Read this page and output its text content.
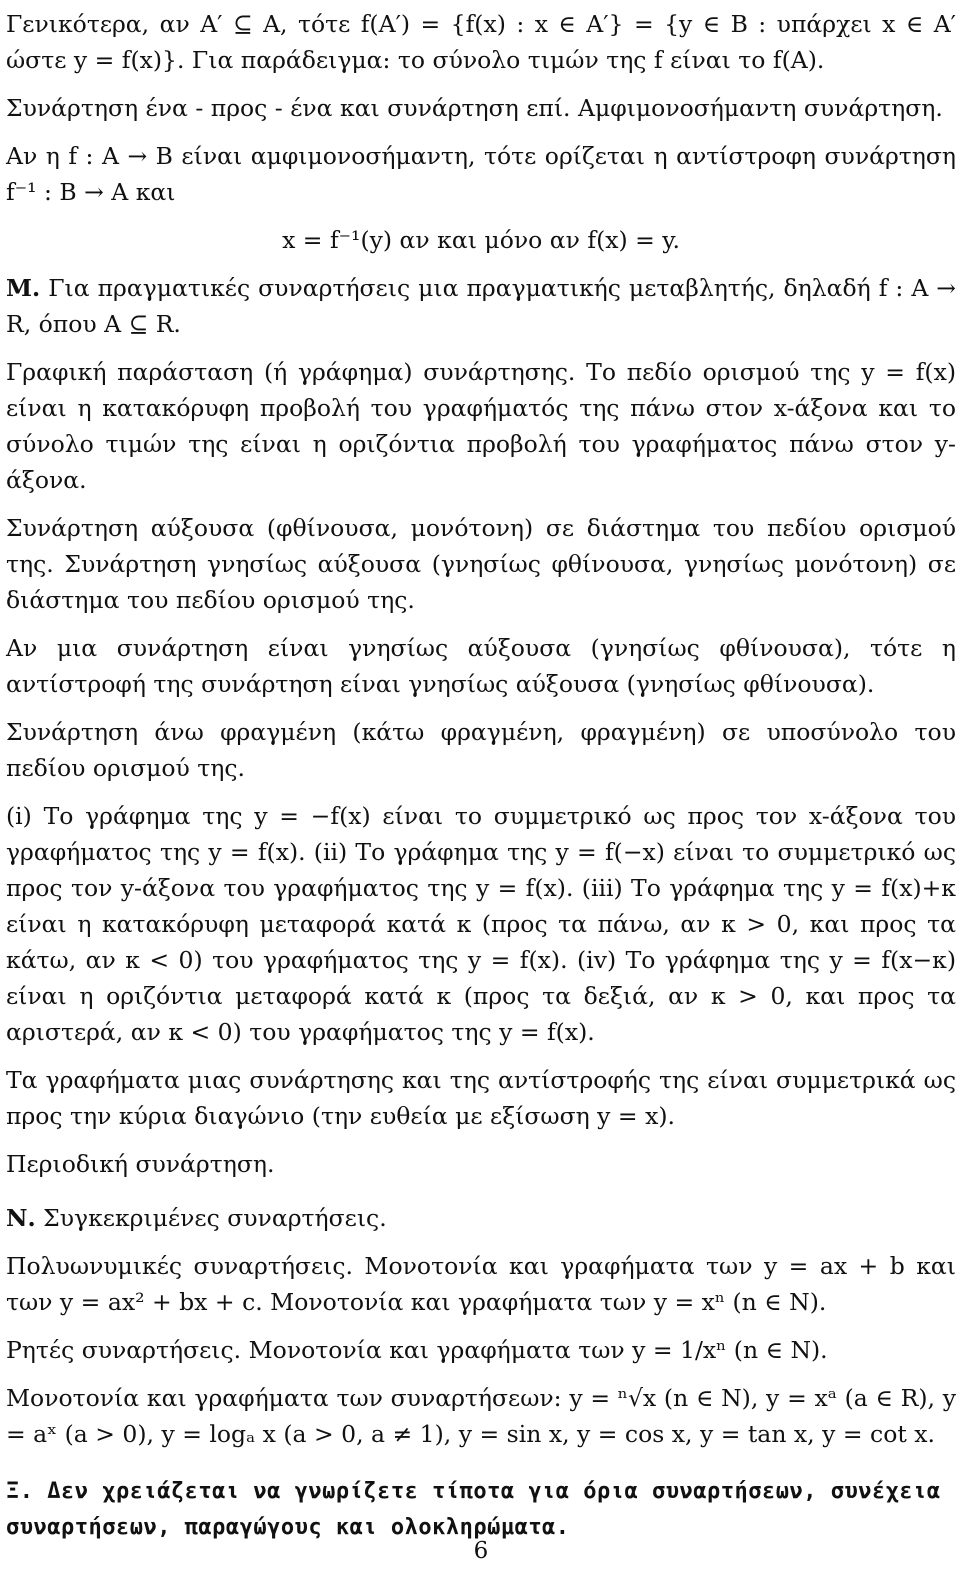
Γενικότερα, αν A′ ⊆ A, τότε f(A′) = {f(x) : x ∈ A′} = {y ∈ B : υπάρχει x ∈ A′ ώστε y = f(x)}. Για παράδειγμα: το σύνολο τιμών της f είναι το f(A).

Συνάρτηση ένα - προς - ένα και συνάρτηση επί. Αμφιμονοσήμαντη συνάρτηση.

Αν η f : A → B είναι αμφιμονοσήμαντη, τότε ορίζεται η αντίστροφη συνάρτηση f⁻¹ : B → A και

x = f⁻¹(y) αν και μόνο αν f(x) = y.

Μ. Για πραγματικές συναρτήσεις μια πραγματικής μεταβλητής, δηλαδή f : A → R, όπου A ⊆ R.

Γραφική παράσταση (ή γράφημα) συνάρτησης. Το πεδίο ορισμού της y = f(x) είναι η κατακόρυφη προβολή του γραφήματός της πάνω στον x-άξονα και το σύνολο τιμών της είναι η οριζόντια προβολή του γραφήματος πάνω στον y-άξονα.

Συνάρτηση αύξουσα (φθίνουσα, μονότονη) σε διάστημα του πεδίου ορισμού της. Συνάρτηση γνησίως αύξουσα (γνησίως φθίνουσα, γνησίως μονότονη) σε διάστημα του πεδίου ορισμού της.

Αν μια συνάρτηση είναι γνησίως αύξουσα (γνησίως φθίνουσα), τότε η αντίστροφή της συνάρτηση είναι γνησίως αύξουσα (γνησίως φθίνουσα).

Συνάρτηση άνω φραγμένη (κάτω φραγμένη, φραγμένη) σε υποσύνολο του πεδίου ορισμού της.

(i) Το γράφημα της y = −f(x) είναι το συμμετρικό ως προς τον x-άξονα του γραφήματος της y = f(x). (ii) Το γράφημα της y = f(−x) είναι το συμμετρικό ως προς τον y-άξονα του γραφήματος της y = f(x). (iii) Το γράφημα της y = f(x)+κ είναι η κατακόρυφη μεταφορά κατά κ (προς τα πάνω, αν κ > 0, και προς τα κάτω, αν κ < 0) του γραφήματος της y = f(x). (iv) Το γράφημα της y = f(x−κ) είναι η οριζόντια μεταφορά κατά κ (προς τα δεξιά, αν κ > 0, και προς τα αριστερά, αν κ < 0) του γραφήματος της y = f(x).

Τα γραφήματα μιας συνάρτησης και της αντίστροφής της είναι συμμετρικά ως προς την κύρια διαγώνιο (την ευθεία με εξίσωση y = x).

Περιοδική συνάρτηση.

Ν. Συγκεκριμένες συναρτήσεις.

Πολυωνυμικές συναρτήσεις. Μονοτονία και γραφήματα των y = ax + b και των y = ax² + bx + c. Μονοτονία και γραφήματα των y = xⁿ (n ∈ N).

Ρητές συναρτήσεις. Μονοτονία και γραφήματα των y = 1/xⁿ (n ∈ N).

Μονοτονία και γραφήματα των συναρτήσεων: y = ⁿ√x (n ∈ N), y = xᵃ (a ∈ R), y = aˣ (a > 0), y = logₐ x (a > 0, a ≠ 1), y = sin x, y = cos x, y = tan x, y = cot x.

Ξ. Δεν χρειάζεται να γνωρίζετε τίποτα για όρια συναρτήσεων, συνέχεια συναρτήσεων, παραγώγους και ολοκληρώματα.

6
